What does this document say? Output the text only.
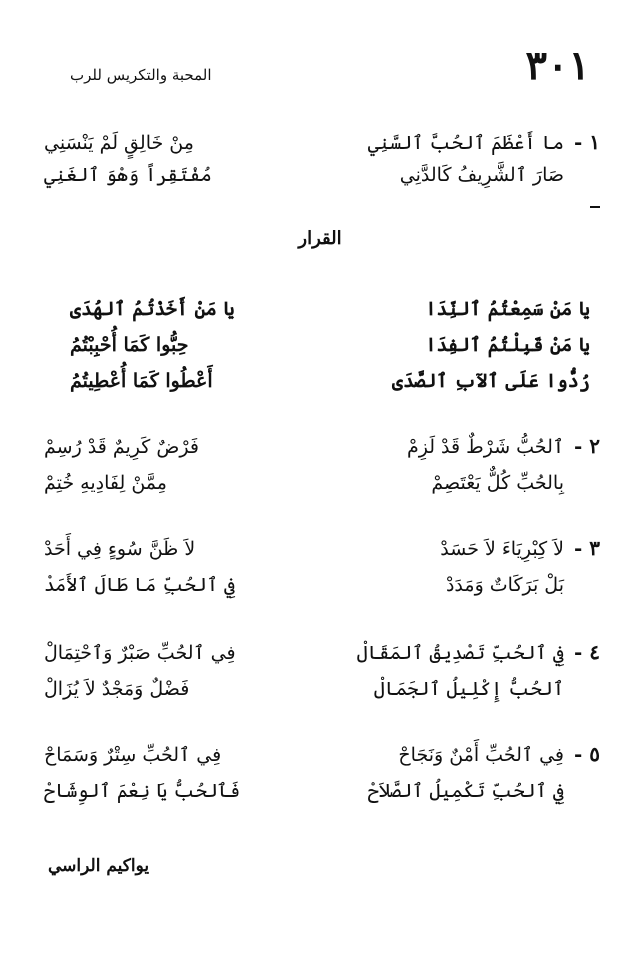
٣٠١
المحبة والتكريس للرب
١ -
ما أَعْظَمَ ٱلحُبَّ ٱلسَّنِي
مِنْ خَالِقٍ لَمْ يَنْسَنِي
صَارَ ٱلشَّرِيفُ كَالدَّنِي
مُفْتَقِراً وَهْوَ ٱلغَنِي
القرار
يا مَنْ سَمِعْتُمُ ٱلنِّدَا
يا مَنْ أَخَذْتُمُ ٱلهُدَى
يا مَنْ قَبِلْتُمُ ٱلفِدَا
حِبُّوا كَمَا أُحْبِبْتُمُ
رُدُّوا عَلَى ٱلآبِ ٱلصَّدَى
أَعْطُوا كَمَا أُعْطِيتُمُ
٢ -
ٱلحُبُّ شَرْطٌ قَدْ لَزِمْ
فَرْضٌ كَرِيمٌ قَدْ رُسِمْ
بِالحُبِّ كُلٌّ يَعْتَصِمْ
مِمَّنْ لِفَادِيهِ خُتِمْ
٣ -
لاَ كِبْرِيَاءَ لاَ حَسَدْ
لاَ ظَنَّ سُوءٍ فِي أَحَدْ
بَلْ بَرَكَاتٌ وَمَدَدْ
فِي ٱلحُبِّ مَا طَالَ ٱلأَمَدْ
٤ -
فِي ٱلحُبِّ تَصْدِيقُ ٱلمَقَالْ
فِي ٱلحُبِّ صَبْرٌ وَٱحْتِمَالْ
ٱلحُبُّ إِكْلِيلُ ٱلجَمَالْ
فَضْلٌ وَمَجْدٌ لاَ يُزَالْ
٥ -
فِي ٱلحُبِّ أَمْنٌ وَنَجَاحْ
فِي ٱلحُبِّ سِتْرٌ وَسَمَاحْ
فِي ٱلحُبِّ تَكْمِيلُ ٱلصَّلاَحْ
فَٱلحُبُّ يَا نِعْمَ ٱلوِشَاحْ
يواكيم الراسي
